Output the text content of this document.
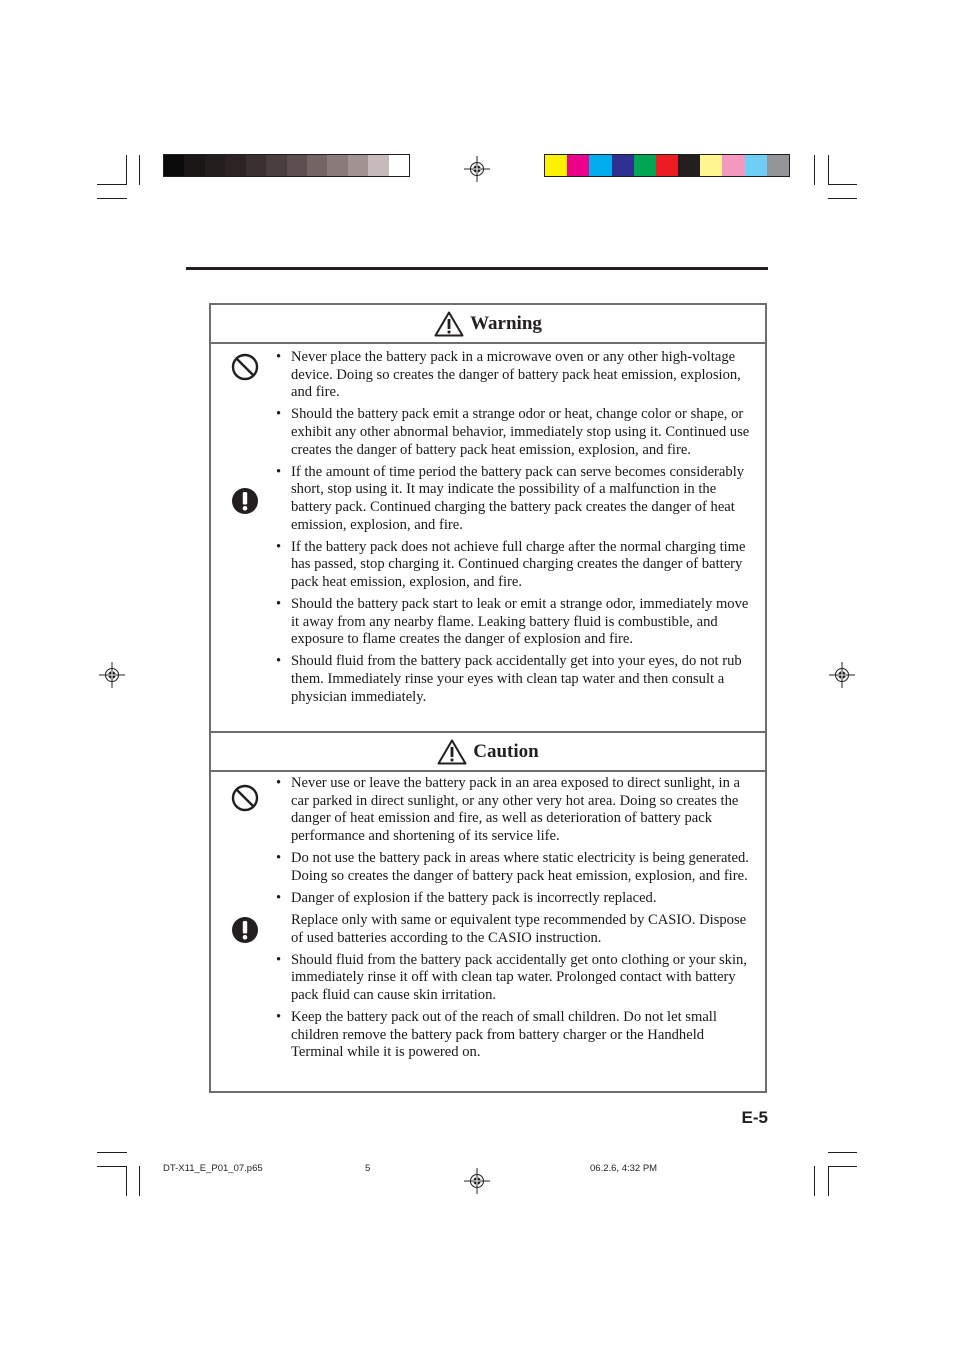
Warning
• Never place the battery pack in a microwave oven or any other high-voltage device. Doing so creates the danger of battery pack heat emission, explosion, and fire.

• Should the battery pack emit a strange odor or heat, change color or shape, or exhibit any other abnormal behavior, immediately stop using it. Continued use creates the danger of battery pack heat emission, explosion, and fire.

• If the amount of time period the battery pack can serve becomes considerably short, stop using it. It may indicate the possibility of a malfunction in the battery pack. Continued charging the battery pack creates the danger of heat emission, explosion, and fire.

• If the battery pack does not achieve full charge after the normal charging time has passed, stop charging it. Continued charging creates the danger of battery pack heat emission, explosion, and fire.

• Should the battery pack start to leak or emit a strange odor, immediately move it away from any nearby flame. Leaking battery fluid is combustible, and exposure to flame creates the danger of explosion and fire.

• Should fluid from the battery pack accidentally get into your eyes, do not rub them. Immediately rinse your eyes with clean tap water and then consult a physician immediately.

Caution
• Never use or leave the battery pack in an area exposed to direct sunlight, in a car parked in direct sunlight, or any other very hot area. Doing so creates the danger of heat emission and fire, as well as deterioration of battery pack performance and shortening of its service life.

• Do not use the battery pack in areas where static electricity is being generated. Doing so creates the danger of battery pack heat emission, explosion, and fire.

• Danger of explosion if the battery pack is incorrectly replaced.

Replace only with same or equivalent type recommended by CASIO. Dispose of used batteries according to the CASIO instruction.

• Should fluid from the battery pack accidentally get onto clothing or your skin, immediately rinse it off with clean tap water. Prolonged contact with battery pack fluid can cause skin irritation.

• Keep the battery pack out of the reach of small children. Do not let small children remove the battery pack from battery charger or the Handheld Terminal while it is powered on.

E-5
DT-X11_E_P01_07.p65	5	06.2.6, 4:32 PM
